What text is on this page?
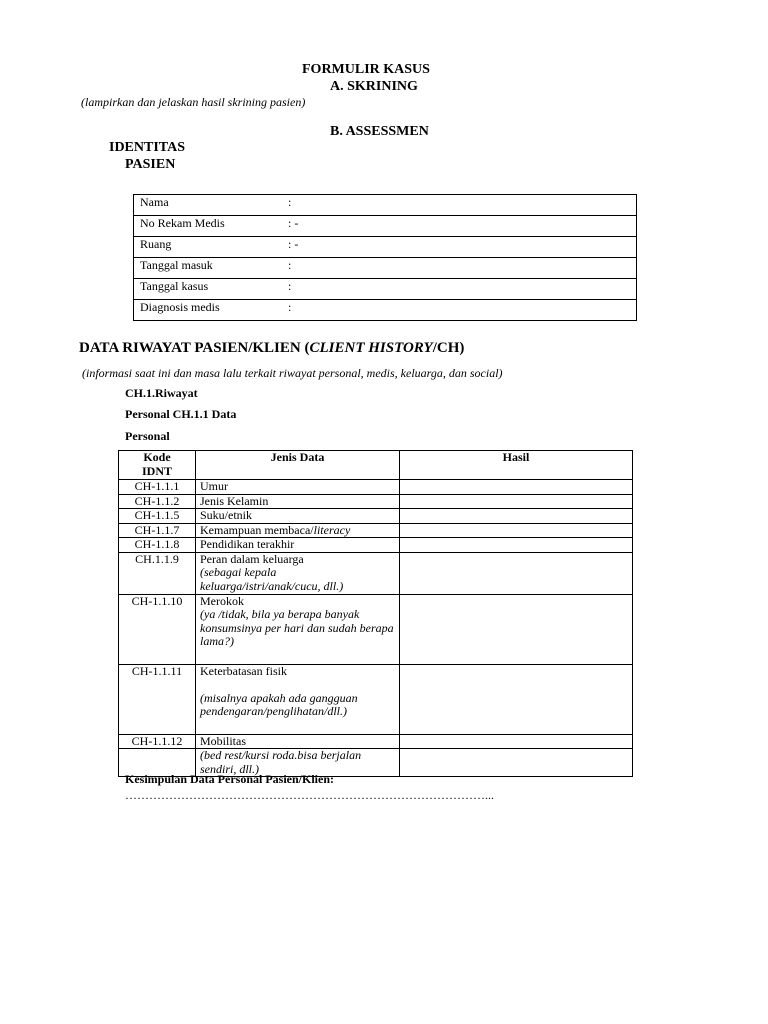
FORMULIR KASUS
A. SKRINING
(lampirkan dan jelaskan hasil skrining pasien)
B. ASSESSMEN
IDENTITAS
PASIEN
Nama	:
No Rekam Medis	: -
Ruang	: -
Tanggal masuk	:
Tanggal kasus	:
Diagnosis medis	:
DATA RIWAYAT PASIEN/KLIEN (CLIENT HISTORY/CH)
(informasi saat ini dan masa lalu terkait riwayat personal, medis, keluarga, dan social)
CH.1.Riwayat
Personal CH.1.1 Data
Personal
Kode
IDNT	Jenis Data	Hasil
CH-1.1.1	Umur	
CH-1.1.2	Jenis Kelamin	
CH-1.1.5	Suku/etnik	
CH-1.1.7	Kemampuan membaca/literacy	
CH-1.1.8	Pendidikan terakhir	
CH.1.1.9	Peran dalam keluarga
(sebagai kepala keluarga/istri/anak/cucu, dll.)	
CH-1.1.10	Merokok
(ya /tidak, bila ya berapa banyak konsumsinya per hari dan sudah berapa lama?)	
CH-1.1.11	Keterbatasan fisik

(misalnya apakah ada gangguan pendengaran/penglihatan/dll.)	
CH-1.1.12	Mobilitas	
	(bed rest/kursi roda.bisa berjalan sendiri, dll.)	
Kesimpulan Data Personal Pasien/Klien:
………………………………………………………………………………...
